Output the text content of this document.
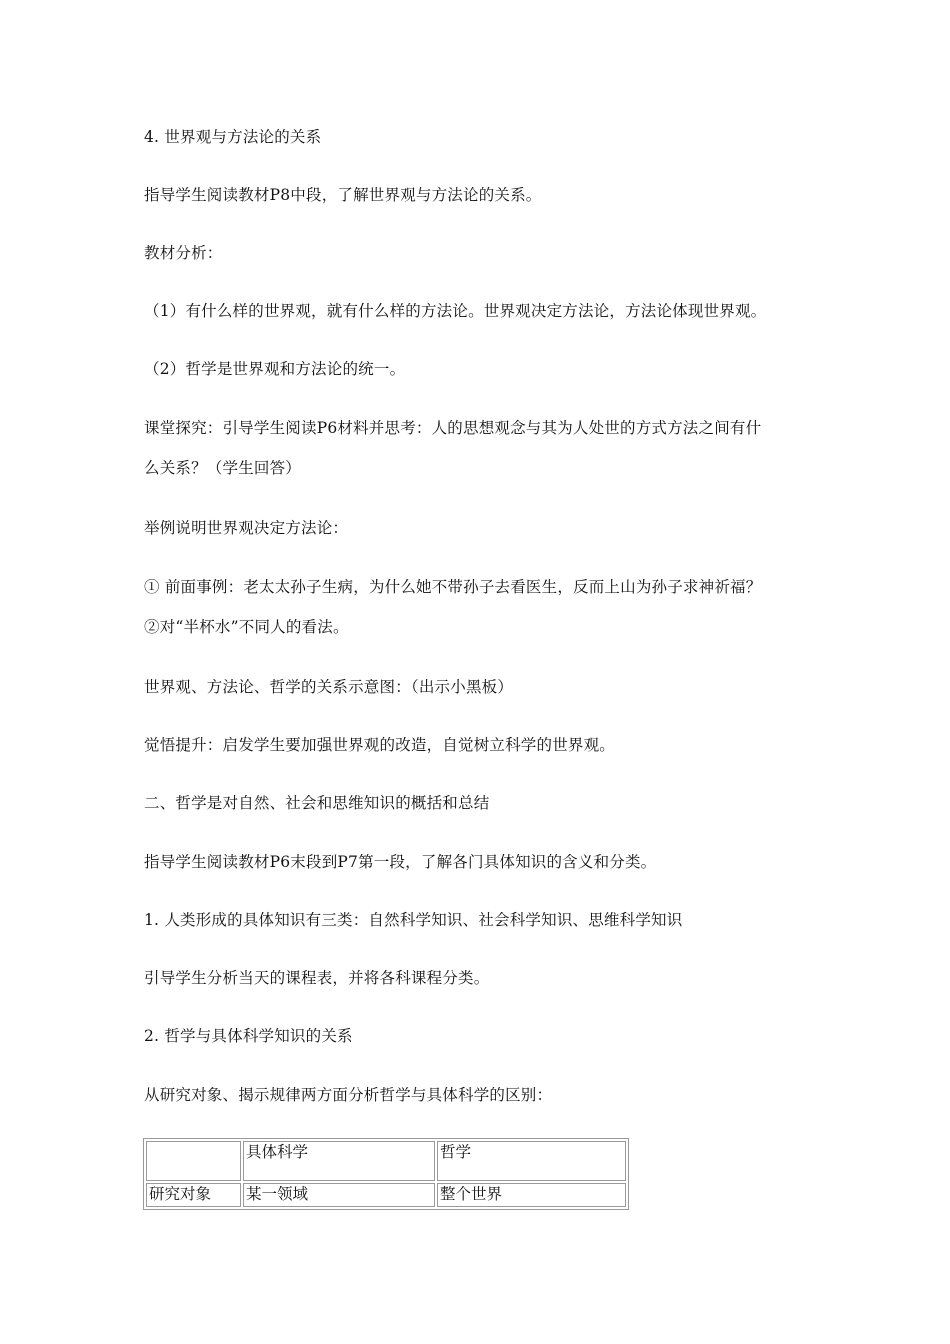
4. 世界观与方法论的关系
指导学生阅读教材P8中段，了解世界观与方法论的关系。
教材分析：
（1）有什么样的世界观，就有什么样的方法论。世界观决定方法论，方法论体现世界观。
（2）哲学是世界观和方法论的统一。
课堂探究：引导学生阅读P6材料并思考：人的思想观念与其为人处世的方式方法之间有什
么关系？（学生回答）
举例说明世界观决定方法论：
① 前面事例：老太太孙子生病，为什么她不带孙子去看医生，反而上山为孙子求神祈福？
②对“半杯水”不同人的看法。
世界观、方法论、哲学的关系示意图：（出示小黑板）
觉悟提升：启发学生要加强世界观的改造，自觉树立科学的世界观。
二、哲学是对自然、社会和思维知识的概括和总结
指导学生阅读教材P6末段到P7第一段，了解各门具体知识的含义和分类。
1. 人类形成的具体知识有三类：自然科学知识、社会科学知识、思维科学知识
引导学生分析当天的课程表，并将各科课程分类。
2. 哲学与具体科学知识的关系
从研究对象、揭示规律两方面分析哲学与具体科学的区别：
	具体科学	哲学
研究对象	某一领域	整个世界
